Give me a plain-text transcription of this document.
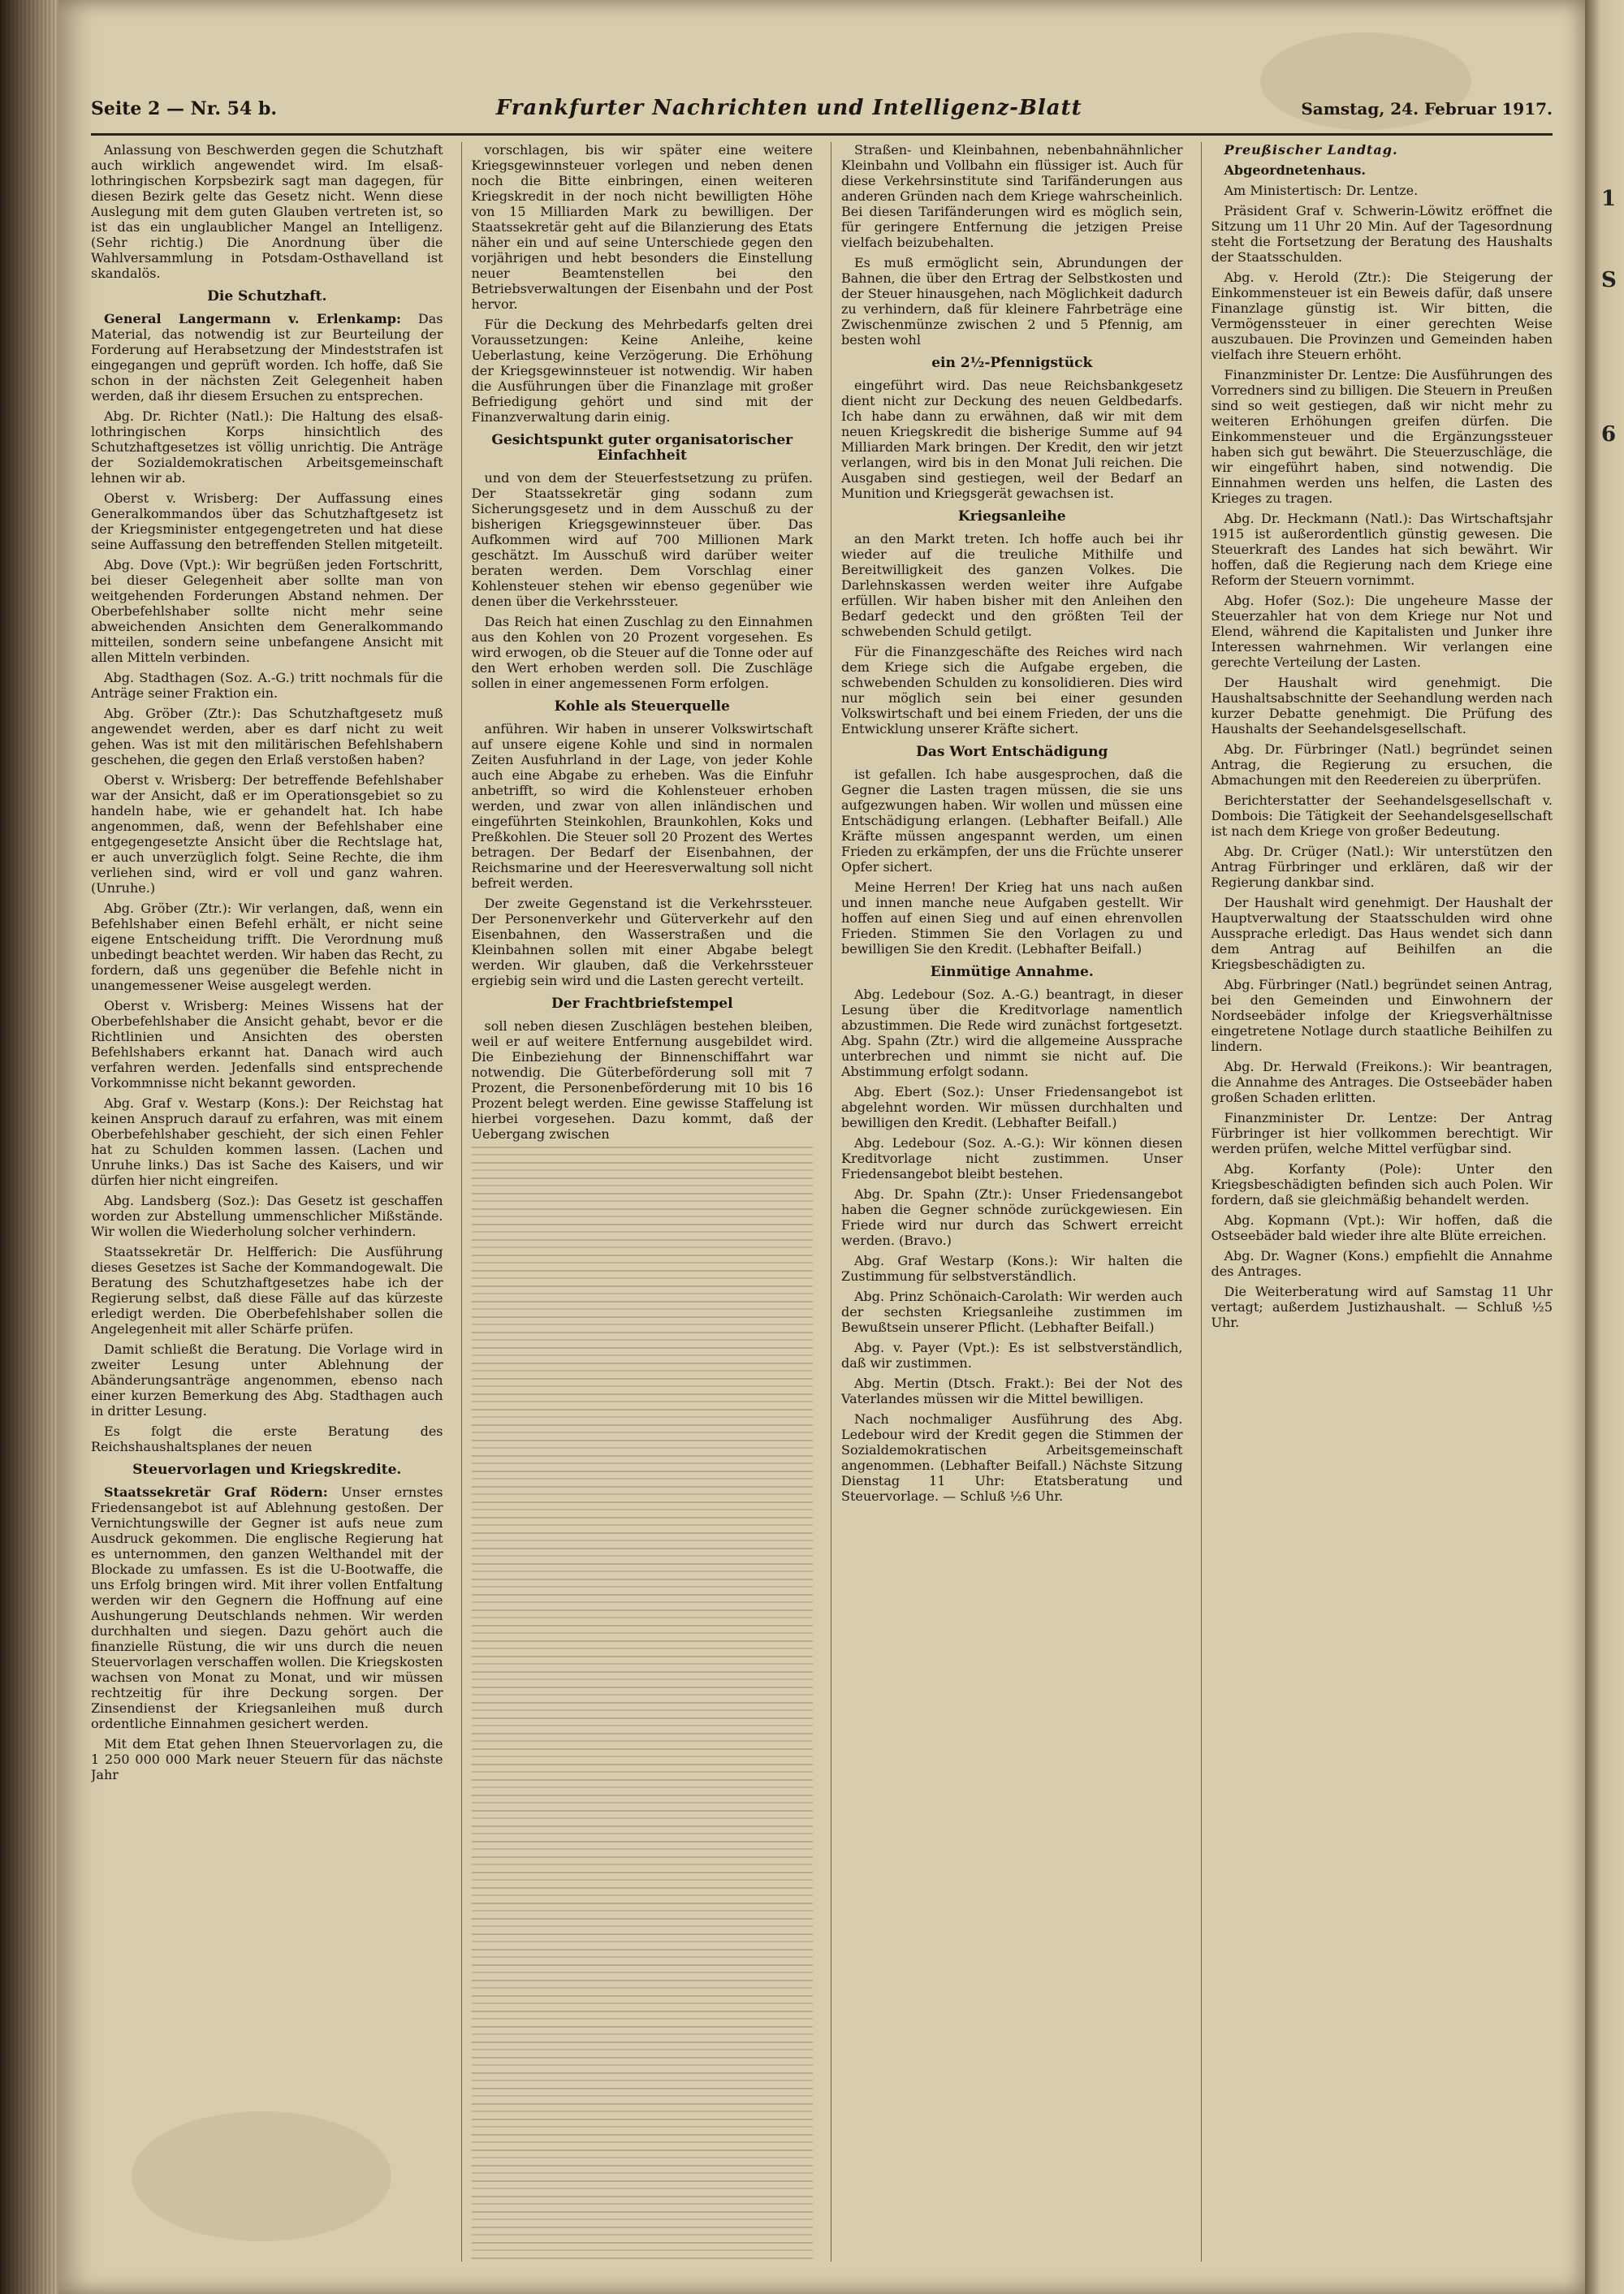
Seite 2 — Nr. 54 b.	Frankfurter Nachrichten und Intelligenz-Blatt	Samstag, 24. Februar 1917.

Anlassung von Beschwerden gegen die Schutzhaft auch wirklich angewendet wird. Im elsaß-lothringischen Korpsbezirk sagt man dagegen, für diesen Bezirk gelte das Gesetz nicht. Wenn diese Auslegung mit dem guten Glauben vertreten ist, so ist das ein unglaublicher Mangel an Intelligenz. (Sehr richtig.) Die Anordnung über die Wahlversammlung in Potsdam-Osthavelland ist skandalös.

Die Schutzhaft.

General Langermann v. Erlenkamp: Das Material, das notwendig ist zur Beurteilung der Forderung auf Herabsetzung der Mindeststrafen ist eingegangen und geprüft worden. Ich hoffe, daß Sie schon in der nächsten Zeit Gelegenheit haben werden, daß ihr diesem Ersuchen zu entsprechen.

Abg. Dr. Richter (Natl.): Die Haltung des elsaß-lothringischen Korps hinsichtlich des Schutzhaftgesetzes ist völlig unrichtig. Die Anträge der Sozialdemokratischen Arbeitsgemeinschaft lehnen wir ab.

Oberst v. Wrisberg: Der Auffassung eines Generalkommandos über das Schutzhaftgesetz ist der Kriegsminister entgegengetreten und hat diese seine Auffassung den betreffenden Stellen mitgeteilt.

Abg. Dove (Vpt.): Wir begrüßen jeden Fortschritt, bei dieser Gelegenheit aber sollte man von weitgehenden Forderungen Abstand nehmen. Der Oberbefehlshaber sollte nicht mehr seine abweichenden Ansichten dem Generalkommando mitteilen, sondern seine unbefangene Ansicht mit allen Mitteln verbinden.

Abg. Stadthagen (Soz. A.-G.) tritt nochmals für die Anträge seiner Fraktion ein.

Abg. Gröber (Ztr.): Das Schutzhaftgesetz muß angewendet werden, aber es darf nicht zu weit gehen. Was ist mit den militärischen Befehlshabern geschehen, die gegen den Erlaß verstoßen haben?

Oberst v. Wrisberg: Der betreffende Befehlshaber war der Ansicht, daß er im Operationsgebiet so zu handeln habe, wie er gehandelt hat. Ich habe angenommen, daß, wenn der Befehlshaber eine entgegengesetzte Ansicht über die Rechtslage hat, er auch unverzüglich folgt. Seine Rechte, die ihm verliehen sind, wird er voll und ganz wahren. (Unruhe.)

Abg. Gröber (Ztr.): Wir verlangen, daß, wenn ein Befehlshaber einen Befehl erhält, er nicht seine eigene Entscheidung trifft. Die Verordnung muß unbedingt beachtet werden. Wir haben das Recht, zu fordern, daß uns gegenüber die Befehle nicht in unangemessener Weise ausgelegt werden.

Oberst v. Wrisberg: Meines Wissens hat der Oberbefehlshaber die Ansicht gehabt, bevor er die Richtlinien und Ansichten des obersten Befehlshabers erkannt hat. Danach wird auch verfahren werden. Jedenfalls sind entsprechende Vorkommnisse nicht bekannt geworden.

Abg. Graf v. Westarp (Kons.): Der Reichstag hat keinen Anspruch darauf zu erfahren, was mit einem Oberbefehlshaber geschieht, der sich einen Fehler hat zu Schulden kommen lassen. (Lachen und Unruhe links.) Das ist Sache des Kaisers, und wir dürfen hier nicht eingreifen.

Abg. Landsberg (Soz.): Das Gesetz ist geschaffen worden zur Abstellung ummenschlicher Mißstände. Wir wollen die Wiederholung solcher verhindern.

Staatssekretär Dr. Helfferich: Die Ausführung dieses Gesetzes ist Sache der Kommandogewalt. Die Beratung des Schutzhaftgesetzes habe ich der Regierung selbst, daß diese Fälle auf das kürzeste erledigt werden. Die Oberbefehlshaber sollen die Angelegenheit mit aller Schärfe prüfen.

Damit schließt die Beratung. Die Vorlage wird in zweiter Lesung unter Ablehnung der Abänderungsanträge angenommen, ebenso nach einer kurzen Bemerkung des Abg. Stadthagen auch in dritter Lesung.

Es folgt die erste Beratung des Reichshaushaltsplanes der neuen

Steuervorlagen und Kriegskredite.

Staatssekretär Graf Rödern: Unser ernstes Friedensangebot ist auf Ablehnung gestoßen. Der Vernichtungswille der Gegner ist aufs neue zum Ausdruck gekommen. Die englische Regierung hat es unternommen, den ganzen Welthandel mit der Blockade zu umfassen. Es ist die U-Bootwaffe, die uns Erfolg bringen wird. Mit ihrer vollen Entfaltung werden wir den Gegnern die Hoffnung auf eine Aushungerung Deutschlands nehmen. Wir werden durchhalten und siegen. Dazu gehört auch die finanzielle Rüstung, die wir uns durch die neuen Steuervorlagen verschaffen wollen. Die Kriegskosten wachsen von Monat zu Monat, und wir müssen rechtzeitig für ihre Deckung sorgen. Der Zinsendienst der Kriegsanleihen muß durch ordentliche Einnahmen gesichert werden.

Mit dem Etat gehen Ihnen Steuervorlagen zu, die 1 250 000 000 Mark neuer Steuern für das nächste Jahr

vorschlagen, bis wir später eine weitere Kriegsgewinnsteuer vorlegen und neben denen noch die Bitte einbringen, einen weiteren Kriegskredit in der noch nicht bewilligten Höhe von 15 Milliarden Mark zu bewilligen. Der Staatssekretär geht auf die Bilanzierung des Etats näher ein und auf seine Unterschiede gegen den vorjährigen und hebt besonders die Einstellung neuer Beamtenstellen bei den Betriebsverwaltungen der Eisenbahn und der Post hervor.

Für die Deckung des Mehrbedarfs gelten drei Voraussetzungen: Keine Anleihe, keine Ueberlastung, keine Verzögerung. Die Erhöhung der Kriegsgewinnsteuer ist notwendig. Wir haben die Ausführungen über die Finanzlage mit großer Befriedigung gehört und sind mit der Finanzverwaltung darin einig.

Gesichtspunkt guter organisatorischer Einfachheit

und von dem der Steuerfestsetzung zu prüfen. Der Staatssekretär ging sodann zum Sicherungsgesetz und in dem Ausschuß zu der bisherigen Kriegsgewinnsteuer über. Das Aufkommen wird auf 700 Millionen Mark geschätzt. Im Ausschuß wird darüber weiter beraten werden. Dem Vorschlag einer Kohlensteuer stehen wir ebenso gegenüber wie denen über die Verkehrssteuer.

Das Reich hat einen Zuschlag zu den Einnahmen aus den Kohlen von 20 Prozent vorgesehen. Es wird erwogen, ob die Steuer auf die Tonne oder auf den Wert erhoben werden soll. Die Zuschläge sollen in einer angemessenen Form erfolgen.

Kohle als Steuerquelle

anführen. Wir haben in unserer Volkswirtschaft auf unsere eigene Kohle und sind in normalen Zeiten Ausfuhrland in der Lage, von jeder Kohle auch eine Abgabe zu erheben. Was die Einfuhr anbetrifft, so wird die Kohlensteuer erhoben werden, und zwar von allen inländischen und eingeführten Steinkohlen, Braunkohlen, Koks und Preßkohlen. Die Steuer soll 20 Prozent des Wertes betragen. Der Bedarf der Eisenbahnen, der Reichsmarine und der Heeresverwaltung soll nicht befreit werden.

Der zweite Gegenstand ist die Verkehrssteuer. Der Personenverkehr und Güterverkehr auf den Eisenbahnen, den Wasserstraßen und die Kleinbahnen sollen mit einer Abgabe belegt werden. Wir glauben, daß die Verkehrssteuer ergiebig sein wird und die Lasten gerecht verteilt.

Der Frachtbriefstempel

soll neben diesen Zuschlägen bestehen bleiben, weil er auf weitere Entfernung ausgebildet wird. Die Einbeziehung der Binnenschiffahrt war notwendig. Die Güterbeförderung soll mit 7 Prozent, die Personenbeförderung mit 10 bis 16 Prozent belegt werden. Eine gewisse Staffelung ist hierbei vorgesehen. Dazu kommt, daß der Uebergang zwischen

Straßen- und Kleinbahnen, nebenbahnähnlicher Kleinbahn und Vollbahn ein flüssiger ist. Auch für diese Verkehrsinstitute sind Tarifänderungen aus anderen Gründen nach dem Kriege wahrscheinlich. Bei diesen Tarifänderungen wird es möglich sein, für geringere Entfernung die jetzigen Preise vielfach beizubehalten.

Es muß ermöglicht sein, Abrundungen der Bahnen, die über den Ertrag der Selbstkosten und der Steuer hinausgehen, nach Möglichkeit dadurch zu verhindern, daß für kleinere Fahrbeträge eine Zwischenmünze zwischen 2 und 5 Pfennig, am besten wohl

ein 2½-Pfennigstück

eingeführt wird. Das neue Reichsbankgesetz dient nicht zur Deckung des neuen Geldbedarfs. Ich habe dann zu erwähnen, daß wir mit dem neuen Kriegskredit die bisherige Summe auf 94 Milliarden Mark bringen. Der Kredit, den wir jetzt verlangen, wird bis in den Monat Juli reichen. Die Ausgaben sind gestiegen, weil der Bedarf an Munition und Kriegsgerät gewachsen ist.

Kriegsanleihe

an den Markt treten. Ich hoffe auch bei ihr wieder auf die treuliche Mithilfe und Bereitwilligkeit des ganzen Volkes. Die Darlehnskassen werden weiter ihre Aufgabe erfüllen. Wir haben bisher mit den Anleihen den Bedarf gedeckt und den größten Teil der schwebenden Schuld getilgt.

Für die Finanzgeschäfte des Reiches wird nach dem Kriege sich die Aufgabe ergeben, die schwebenden Schulden zu konsolidieren. Dies wird nur möglich sein bei einer gesunden Volkswirtschaft und bei einem Frieden, der uns die Entwicklung unserer Kräfte sichert.

Das Wort Entschädigung

ist gefallen. Ich habe ausgesprochen, daß die Gegner die Lasten tragen müssen, die sie uns aufgezwungen haben. Wir wollen und müssen eine Entschädigung erlangen. (Lebhafter Beifall.) Alle Kräfte müssen angespannt werden, um einen Frieden zu erkämpfen, der uns die Früchte unserer Opfer sichert.

Meine Herren! Der Krieg hat uns nach außen und innen manche neue Aufgaben gestellt. Wir hoffen auf einen Sieg und auf einen ehrenvollen Frieden. Stimmen Sie den Vorlagen zu und bewilligen Sie den Kredit. (Lebhafter Beifall.)

Einmütige Annahme.

Abg. Ledebour (Soz. A.-G.) beantragt, in dieser Lesung über die Kreditvorlage namentlich abzustimmen. Die Rede wird zunächst fortgesetzt. Abg. Spahn (Ztr.) wird die allgemeine Aussprache unterbrechen und nimmt sie nicht auf. Die Abstimmung erfolgt sodann.

Abg. Ebert (Soz.): Unser Friedensangebot ist abgelehnt worden. Wir müssen durchhalten und bewilligen den Kredit. (Lebhafter Beifall.)

Abg. Ledebour (Soz. A.-G.): Wir können diesen Kreditvorlage nicht zustimmen. Unser Friedensangebot bleibt bestehen.

Abg. Dr. Spahn (Ztr.): Unser Friedensangebot haben die Gegner schnöde zurückgewiesen. Ein Friede wird nur durch das Schwert erreicht werden. (Bravo.)

Abg. Graf Westarp (Kons.): Wir halten die Zustimmung für selbstverständlich.

Abg. Prinz Schönaich-Carolath: Wir werden auch der sechsten Kriegsanleihe zustimmen im Bewußtsein unserer Pflicht. (Lebhafter Beifall.)

Abg. v. Payer (Vpt.): Es ist selbstverständlich, daß wir zustimmen.

Abg. Mertin (Dtsch. Frakt.): Bei der Not des Vaterlandes müssen wir die Mittel bewilligen.

Nach nochmaliger Ausführung des Abg. Ledebour wird der Kredit gegen die Stimmen der Sozialdemokratischen Arbeitsgemeinschaft angenommen. (Lebhafter Beifall.) Nächste Sitzung Dienstag 11 Uhr: Etatsberatung und Steuervorlage. — Schluß ½6 Uhr.

Preußischer Landtag.

Abgeordnetenhaus.

Am Ministertisch: Dr. Lentze.

Präsident Graf v. Schwerin-Löwitz eröffnet die Sitzung um 11 Uhr 20 Min. Auf der Tagesordnung steht die Fortsetzung der Beratung des Haushalts der Staatsschulden.

Abg. v. Herold (Ztr.): Die Steigerung der Einkommensteuer ist ein Beweis dafür, daß unsere Finanzlage günstig ist. Wir bitten, die Vermögenssteuer in einer gerechten Weise auszubauen. Die Provinzen und Gemeinden haben vielfach ihre Steuern erhöht.

Finanzminister Dr. Lentze: Die Ausführungen des Vorredners sind zu billigen. Die Steuern in Preußen sind so weit gestiegen, daß wir nicht mehr zu weiteren Erhöhungen greifen dürfen. Die Einkommensteuer und die Ergänzungssteuer haben sich gut bewährt. Die Steuerzuschläge, die wir eingeführt haben, sind notwendig. Die Einnahmen werden uns helfen, die Lasten des Krieges zu tragen.

Abg. Dr. Heckmann (Natl.): Das Wirtschaftsjahr 1915 ist außerordentlich günstig gewesen. Die Steuerkraft des Landes hat sich bewährt. Wir hoffen, daß die Regierung nach dem Kriege eine Reform der Steuern vornimmt.

Abg. Hofer (Soz.): Die ungeheure Masse der Steuerzahler hat von dem Kriege nur Not und Elend, während die Kapitalisten und Junker ihre Interessen wahrnehmen. Wir verlangen eine gerechte Verteilung der Lasten.

Der Haushalt wird genehmigt. Die Haushaltsabschnitte der Seehandlung werden nach kurzer Debatte genehmigt. Die Prüfung des Haushalts der Seehandelsgesellschaft.

Abg. Dr. Fürbringer (Natl.) begründet seinen Antrag, die Regierung zu ersuchen, die Abmachungen mit den Reedereien zu überprüfen.

Berichterstatter der Seehandelsgesellschaft v. Dombois: Die Tätigkeit der Seehandelsgesellschaft ist nach dem Kriege von großer Bedeutung.

Abg. Dr. Crüger (Natl.): Wir unterstützen den Antrag Fürbringer und erklären, daß wir der Regierung dankbar sind.

Der Haushalt wird genehmigt. Der Haushalt der Hauptverwaltung der Staatsschulden wird ohne Aussprache erledigt. Das Haus wendet sich dann dem Antrag auf Beihilfen an die Kriegsbeschädigten zu.

Abg. Fürbringer (Natl.) begründet seinen Antrag, bei den Gemeinden und Einwohnern der Nordseebäder infolge der Kriegsverhältnisse eingetretene Notlage durch staatliche Beihilfen zu lindern.

Abg. Dr. Herwald (Freikons.): Wir beantragen, die Annahme des Antrages. Die Ostseebäder haben großen Schaden erlitten.

Finanzminister Dr. Lentze: Der Antrag Fürbringer ist hier vollkommen berechtigt. Wir werden prüfen, welche Mittel verfügbar sind.

Abg. Korfanty (Pole): Unter den Kriegsbeschädigten befinden sich auch Polen. Wir fordern, daß sie gleichmäßig behandelt werden.

Abg. Kopmann (Vpt.): Wir hoffen, daß die Ostseebäder bald wieder ihre alte Blüte erreichen.

Abg. Dr. Wagner (Kons.) empfiehlt die Annahme des Antrages.

Die Weiterberatung wird auf Samstag 11 Uhr vertagt; außerdem Justizhaushalt. — Schluß ½5 Uhr.

1
S
6
